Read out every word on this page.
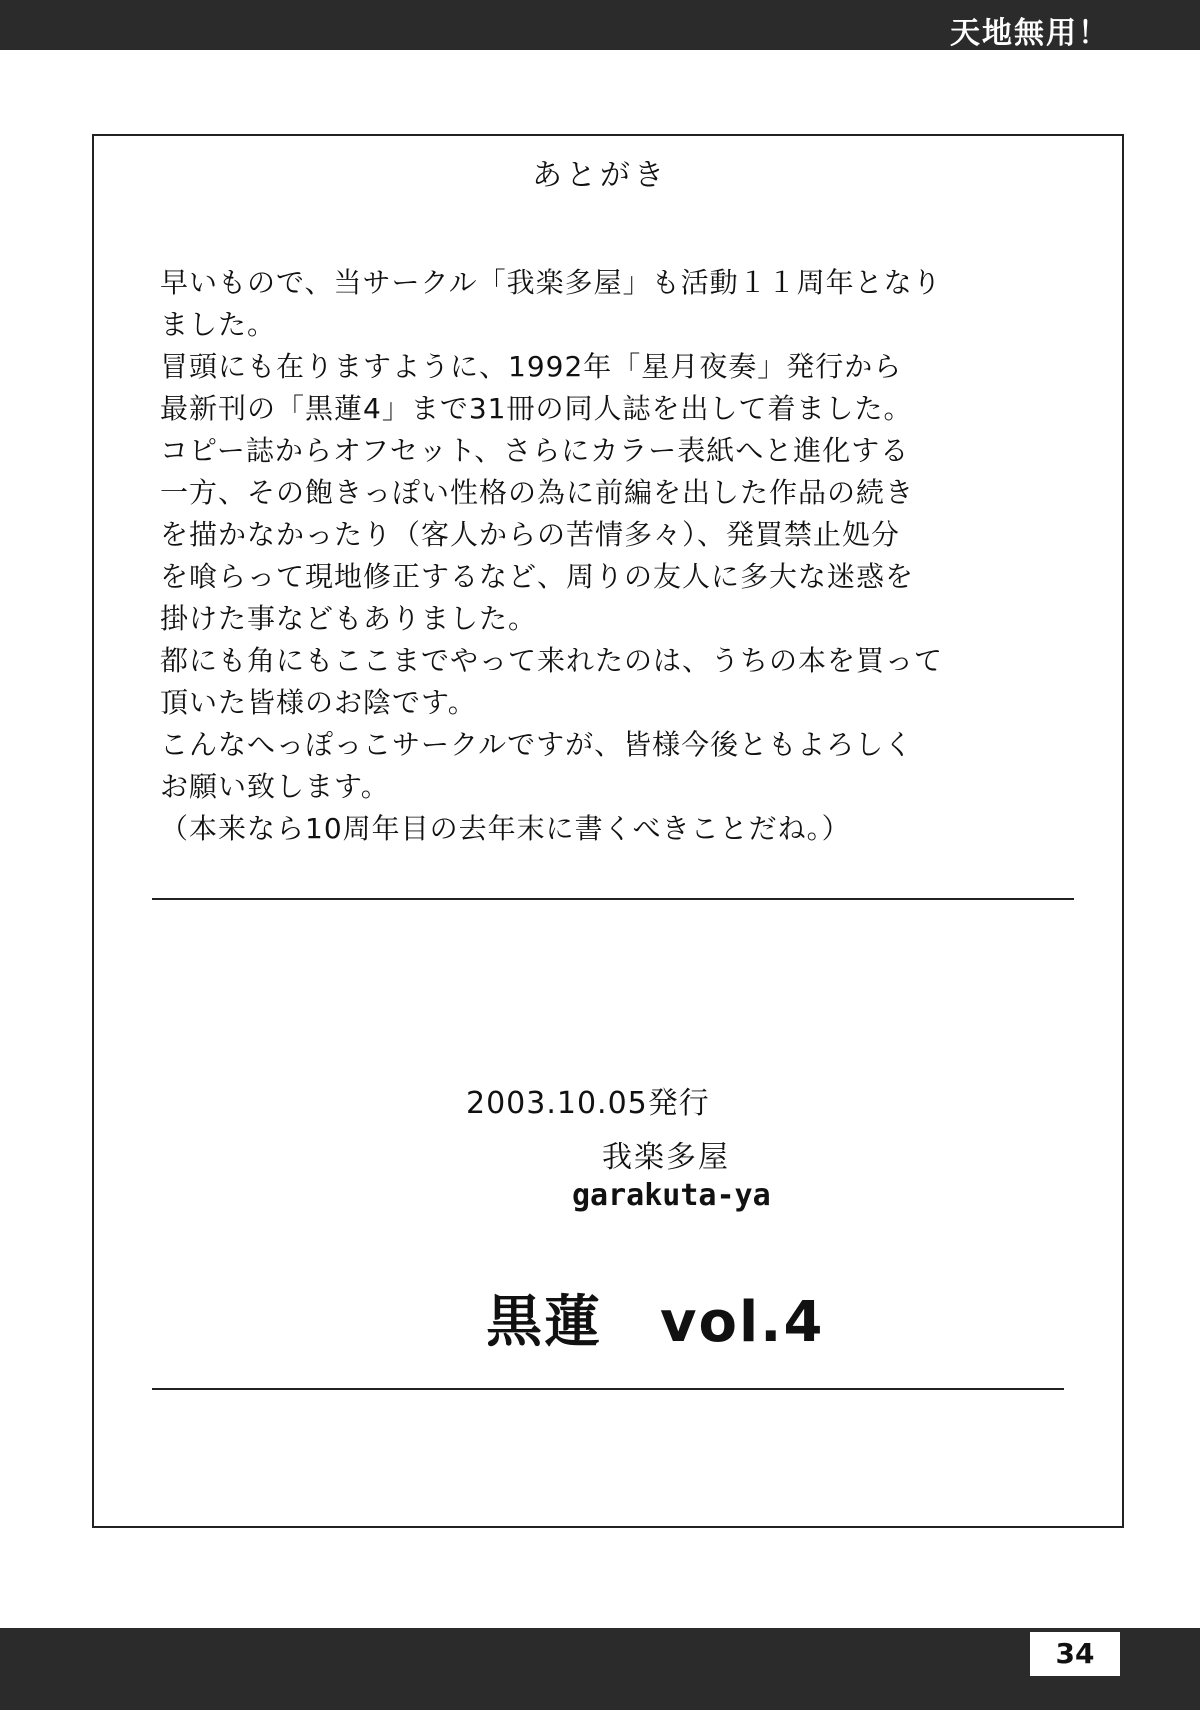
天地無用！
あとがき

早いもので、当サークル「我楽多屋」も活動１１周年となり

ました。

冒頭にも在りますように、1992年「星月夜奏」発行から

最新刊の「黒蓮4」まで31冊の同人誌を出して着ました。

コピー誌からオフセット、さらにカラー表紙へと進化する

一方、その飽きっぽい性格の為に前編を出した作品の続き

を描かなかったり（客人からの苦情多々）、発買禁止処分

を喰らって現地修正するなど、周りの友人に多大な迷惑を

掛けた事などもありました。

都にも角にもここまでやって来れたのは、うちの本を買って

頂いた皆様のお陰です。

こんなへっぽっこサークルですが、皆様今後ともよろしく

お願い致します。

（本来なら10周年目の去年末に書くべきことだね。）

2003.10.05発行
我楽多屋
garakuta-ya
黒蓮　vol.4
34
